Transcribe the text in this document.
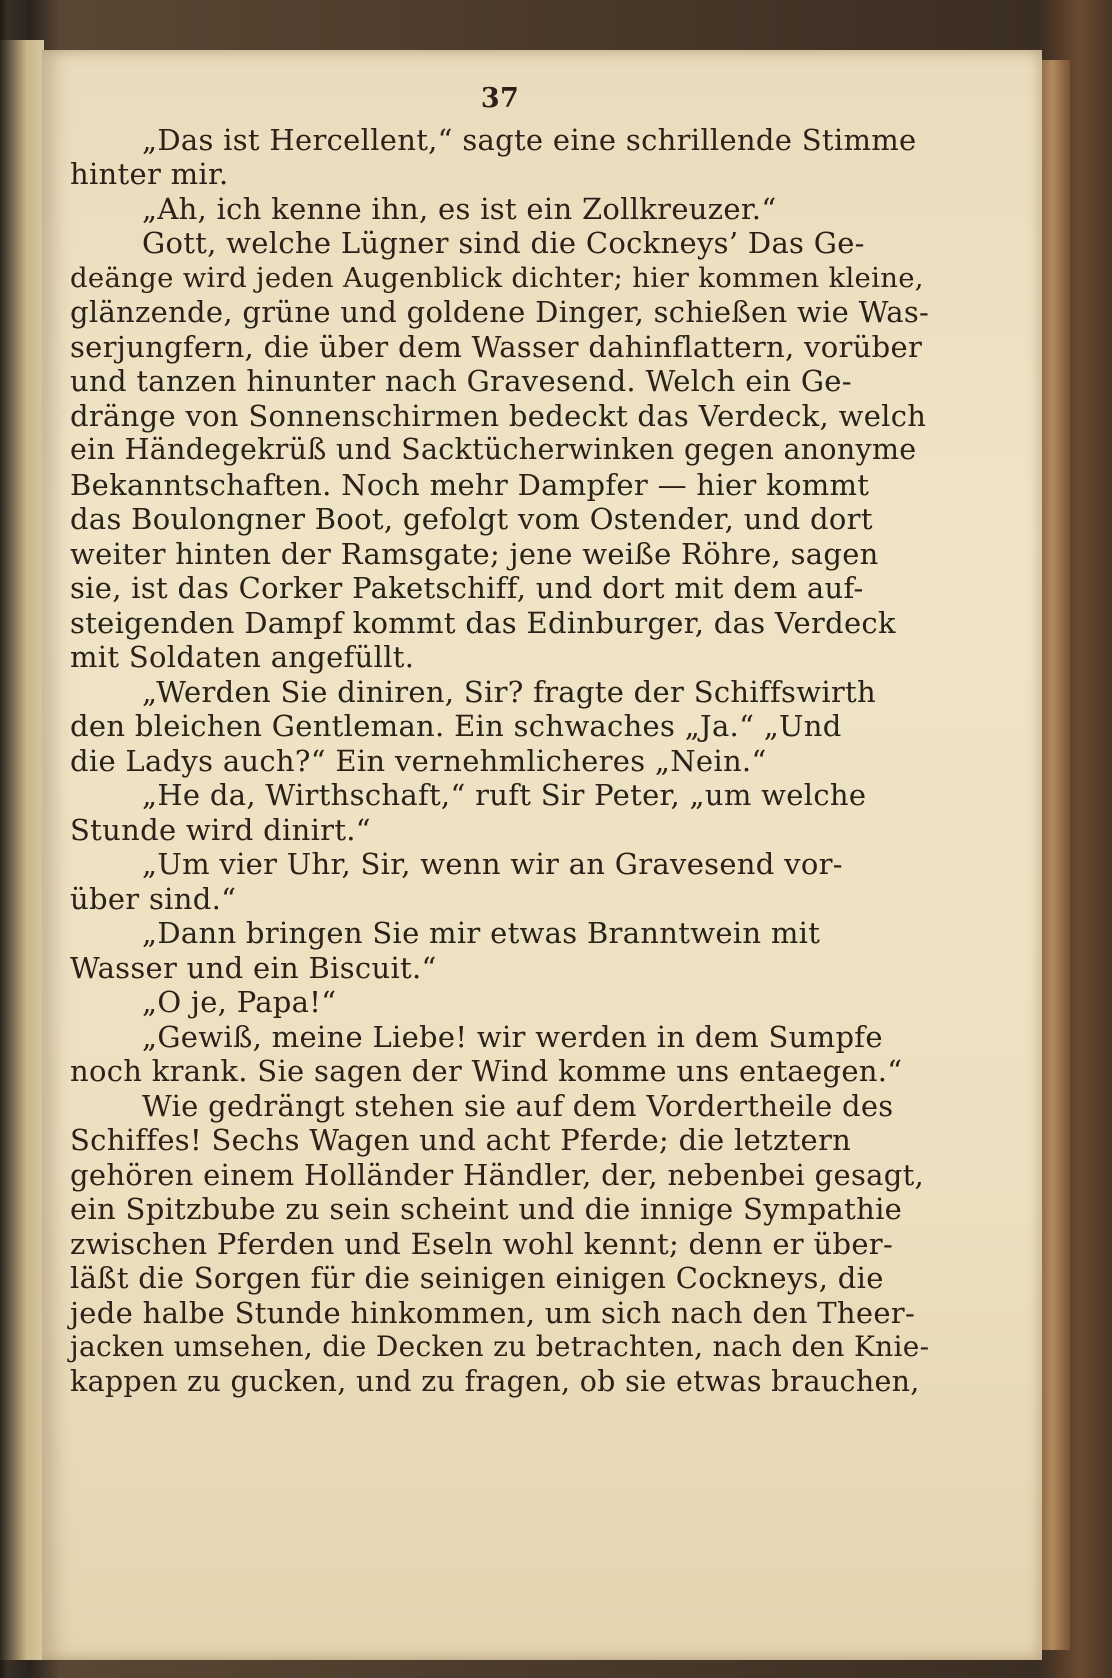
37
„Das ist Hercellent,“ sagte eine schrillende Stimme
hinter mir.
„Ah, ich kenne ihn, es ist ein Zollkreuzer.“
Gott, welche Lügner sind die Cockneys’ Das Ge-
deänge wird jeden Augenblick dichter; hier kommen kleine,
glänzende, grüne und goldene Dinger, schießen wie Was-
serjungfern, die über dem Wasser dahinflattern, vorüber
und tanzen hinunter nach Gravesend. Welch ein Ge-
dränge von Sonnenschirmen bedeckt das Verdeck, welch
ein Händegekrüß und Sacktücherwinken gegen anonyme
Bekanntschaften. Noch mehr Dampfer — hier kommt
das Boulongner Boot, gefolgt vom Ostender, und dort
weiter hinten der Ramsgate; jene weiße Röhre, sagen
sie, ist das Corker Paketschiff, und dort mit dem auf-
steigenden Dampf kommt das Edinburger, das Verdeck
mit Soldaten angefüllt.
„Werden Sie diniren, Sir? fragte der Schiffswirth
den bleichen Gentleman. Ein schwaches „Ja.“ „Und
die Ladys auch?“ Ein vernehmlicheres „Nein.“
„He da, Wirthschaft,“ ruft Sir Peter, „um welche
Stunde wird dinirt.“
„Um vier Uhr, Sir, wenn wir an Gravesend vor-
über sind.“
„Dann bringen Sie mir etwas Branntwein mit
Wasser und ein Biscuit.“
„O je, Papa!“
„Gewiß, meine Liebe! wir werden in dem Sumpfe
noch krank. Sie sagen der Wind komme uns entaegen.“
Wie gedrängt stehen sie auf dem Vordertheile des
Schiffes! Sechs Wagen und acht Pferde; die letztern
gehören einem Holländer Händler, der, nebenbei gesagt,
ein Spitzbube zu sein scheint und die innige Sympathie
zwischen Pferden und Eseln wohl kennt; denn er über-
läßt die Sorgen für die seinigen einigen Cockneys, die
jede halbe Stunde hinkommen, um sich nach den Theer-
jacken umsehen, die Decken zu betrachten, nach den Knie-
kappen zu gucken, und zu fragen, ob sie etwas brauchen,
